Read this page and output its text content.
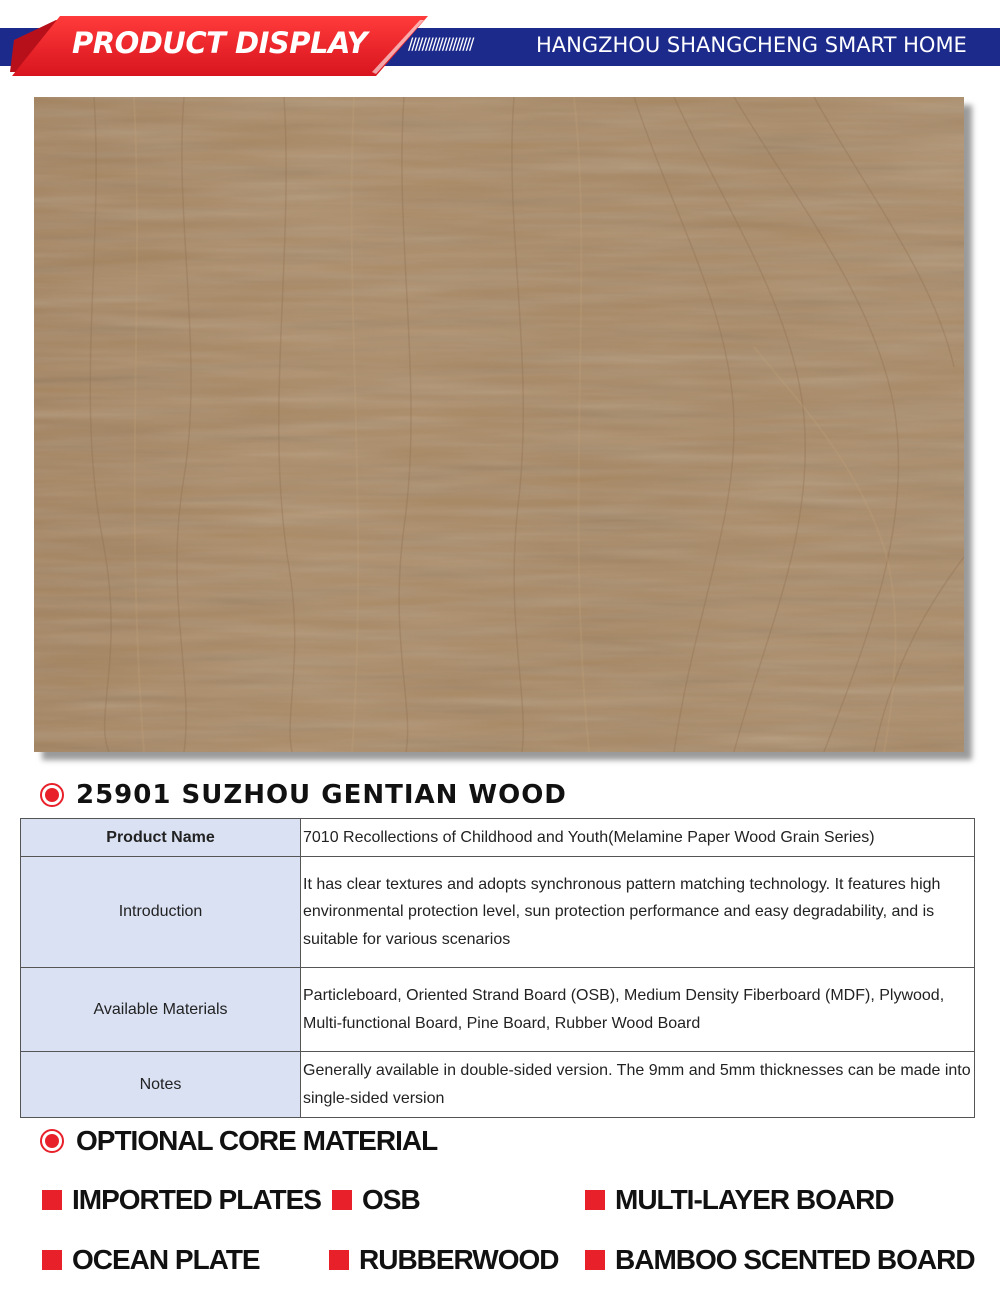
PRODUCT DISPLAY	///////////////////	HANGZHOU SHANGCHENG SMART HOME
25901 SUZHOU GENTIAN WOOD
Product Name	7010 Recollections of Childhood and Youth(Melamine Paper Wood Grain Series)
Introduction	It has clear textures and adopts synchronous pattern matching technology. It features high environmental protection level, sun protection performance and easy degradability, and is suitable for various scenarios
Available Materials	Particleboard, Oriented Strand Board (OSB), Medium Density Fiberboard (MDF), Plywood, Multi-functional Board, Pine Board, Rubber Wood Board
Notes	Generally available in double-sided version. The 9mm and 5mm thicknesses can be made into single-sided version
OPTIONAL CORE MATERIAL
IMPORTED PLATES OSB	MULTI-LAYER BOARD
OCEAN PLATE	RUBBERWOOD BAMBOO SCENTED BOARD
